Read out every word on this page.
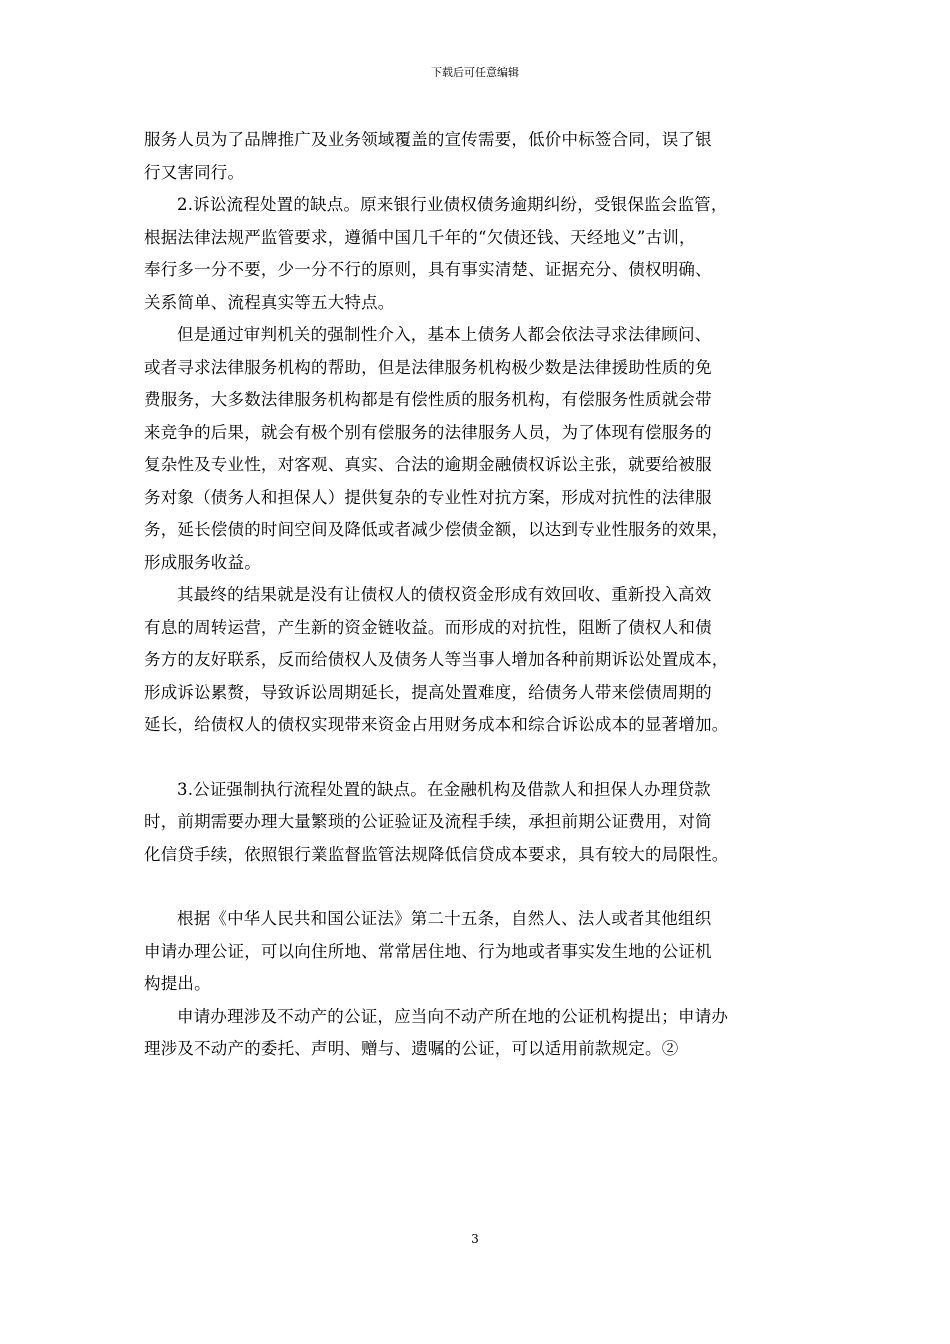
下载后可任意编辑

服务人员为了品牌推广及业务领域覆盖的宣传需要，低价中标签合同，误了银

行又害同行。

2.诉讼流程处置的缺点。原来银行业债权债务逾期纠纷，受银保监会监管，

根据法律法规严监管要求，遵循中国几千年的“欠债还钱、天经地义”古训，

奉行多一分不要，少一分不行的原则，具有事实清楚、证据充分、债权明确、

关系简单、流程真实等五大特点。

但是通过审判机关的强制性介入，基本上债务人都会依法寻求法律顾问、

或者寻求法律服务机构的帮助，但是法律服务机构极少数是法律援助性质的免

费服务，大多数法律服务机构都是有偿性质的服务机构，有偿服务性质就会带

来竞争的后果，就会有极个别有偿服务的法律服务人员，为了体现有偿服务的

复杂性及专业性，对客观、真实、合法的逾期金融债权诉讼主张，就要给被服

务对象（债务人和担保人）提供复杂的专业性对抗方案，形成对抗性的法律服

务，延长偿债的时间空间及降低或者减少偿债金额，以达到专业性服务的效果，

形成服务收益。

其最终的结果就是没有让债权人的债权资金形成有效回收、重新投入高效

有息的周转运营，产生新的资金链收益。而形成的对抗性，阻断了债权人和债

务方的友好联系，反而给债权人及债务人等当事人增加各种前期诉讼处置成本，

形成诉讼累赘，导致诉讼周期延长，提高处置难度，给债务人带来偿债周期的

延长，给债权人的债权实现带来资金占用财务成本和综合诉讼成本的显著增加。

3.公证强制执行流程处置的缺点。在金融机构及借款人和担保人办理贷款

时，前期需要办理大量繁琐的公证验证及流程手续，承担前期公证费用，对简

化信贷手续，依照银行業监督监管法规降低信贷成本要求，具有较大的局限性。

根据《中华人民共和国公证法》第二十五条，自然人、法人或者其他组织

申请办理公证，可以向住所地、常常居住地、行为地或者事实发生地的公证机

构提出。

申请办理涉及不动产的公证，应当向不动产所在地的公证机构提出；申请办

理涉及不动产的委托、声明、赠与、遗嘱的公证，可以适用前款规定。②

3
